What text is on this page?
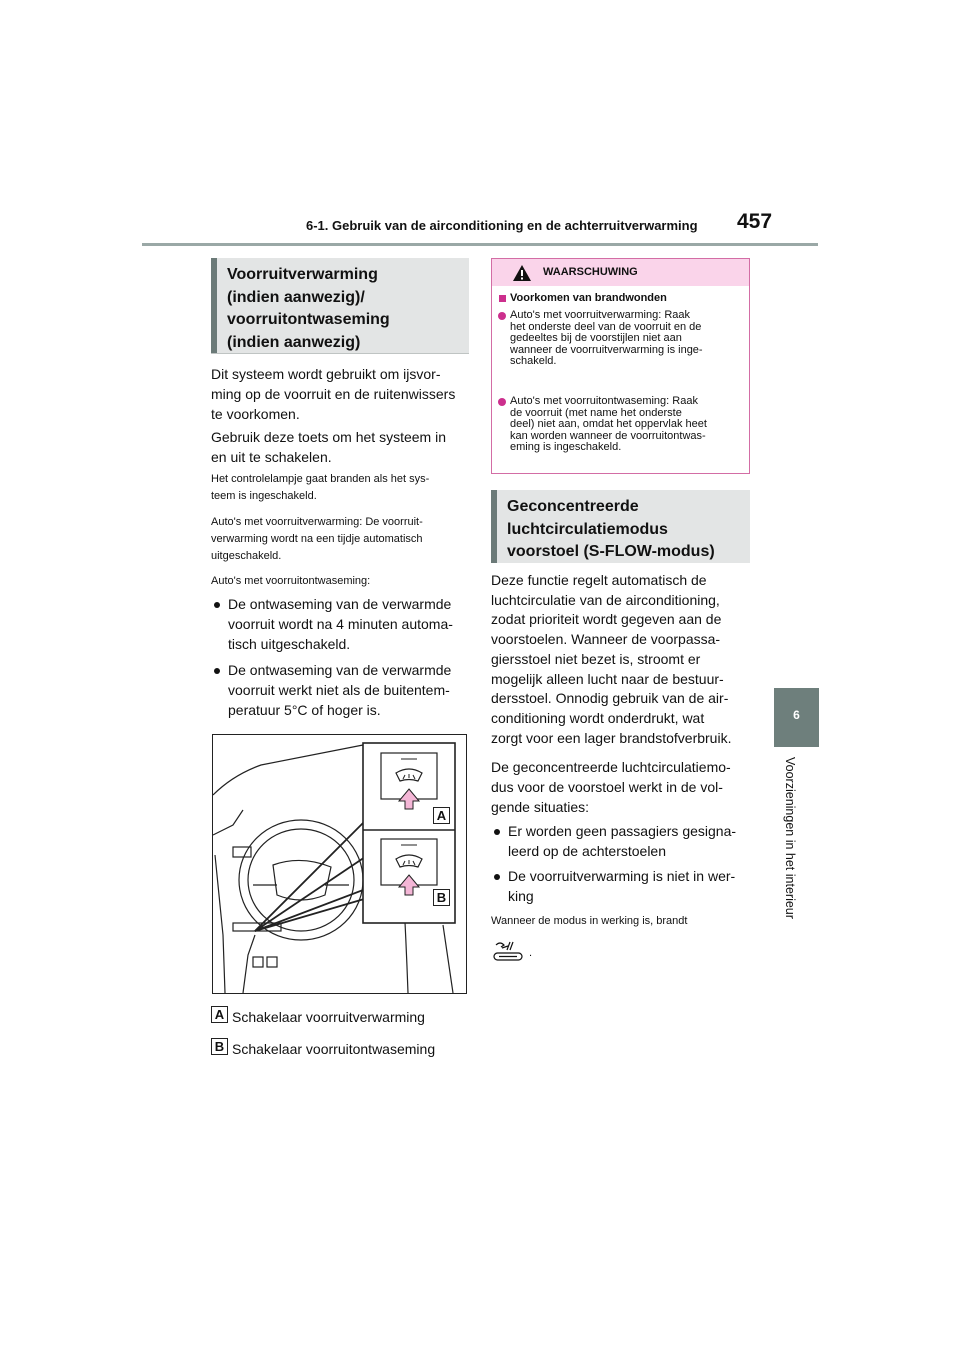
6-1. Gebruik van de airconditioning en de achterruitverwarming 457
6
Voorzieningen in het interieur
Voorruitverwarming
(indien aanwezig)/
voorruitontwaseming
(indien aanwezig)
Dit systeem wordt gebruikt om ijsvor-
ming op de voorruit en de ruitenwissers
te voorkomen.
Gebruik deze toets om het systeem in
en uit te schakelen.
Het controlelampje gaat branden als het sys-
teem is ingeschakeld.
Auto's met voorruitverwarming: De voorruit-
verwarming wordt na een tijdje automatisch
uitgeschakeld.
Auto's met voorruitontwaseming:
De ontwaseming van de verwarmde
voorruit wordt na 4 minuten automa-
tisch uitgeschakeld.
De ontwaseming van de verwarmde
voorruit werkt niet als de buitentem-
peratuur 5°C of hoger is.
A
B
A Schakelaar voorruitverwarming
B Schakelaar voorruitontwaseming
WAARSCHUWING
Voorkomen van brandwonden
Auto's met voorruitverwarming: Raak
het onderste deel van de voorruit en de
gedeeltes bij de voorstijlen niet aan
wanneer de voorruitverwarming is inge-
schakeld.
Auto's met voorruitontwaseming: Raak
de voorruit (met name het onderste
deel) niet aan, omdat het oppervlak heet
kan worden wanneer de voorruitontwas-
eming is ingeschakeld.
Geconcentreerde
luchtcirculatiemodus
voorstoel (S-FLOW-modus)
Deze functie regelt automatisch de
luchtcirculatie van de airconditioning,
zodat prioriteit wordt gegeven aan de
voorstoelen. Wanneer de voorpassa-
giersstoel niet bezet is, stroomt er
mogelijk alleen lucht naar de bestuur-
dersstoel. Onnodig gebruik van de air-
conditioning wordt onderdrukt, wat
zorgt voor een lager brandstofverbruik.
De geconcentreerde luchtcirculatiemo-
dus voor de voorstoel werkt in de vol-
gende situaties:
Er worden geen passagiers gesigna-
leerd op de achterstoelen
De voorruitverwarming is niet in wer-
king
Wanneer de modus in werking is, brandt
.
